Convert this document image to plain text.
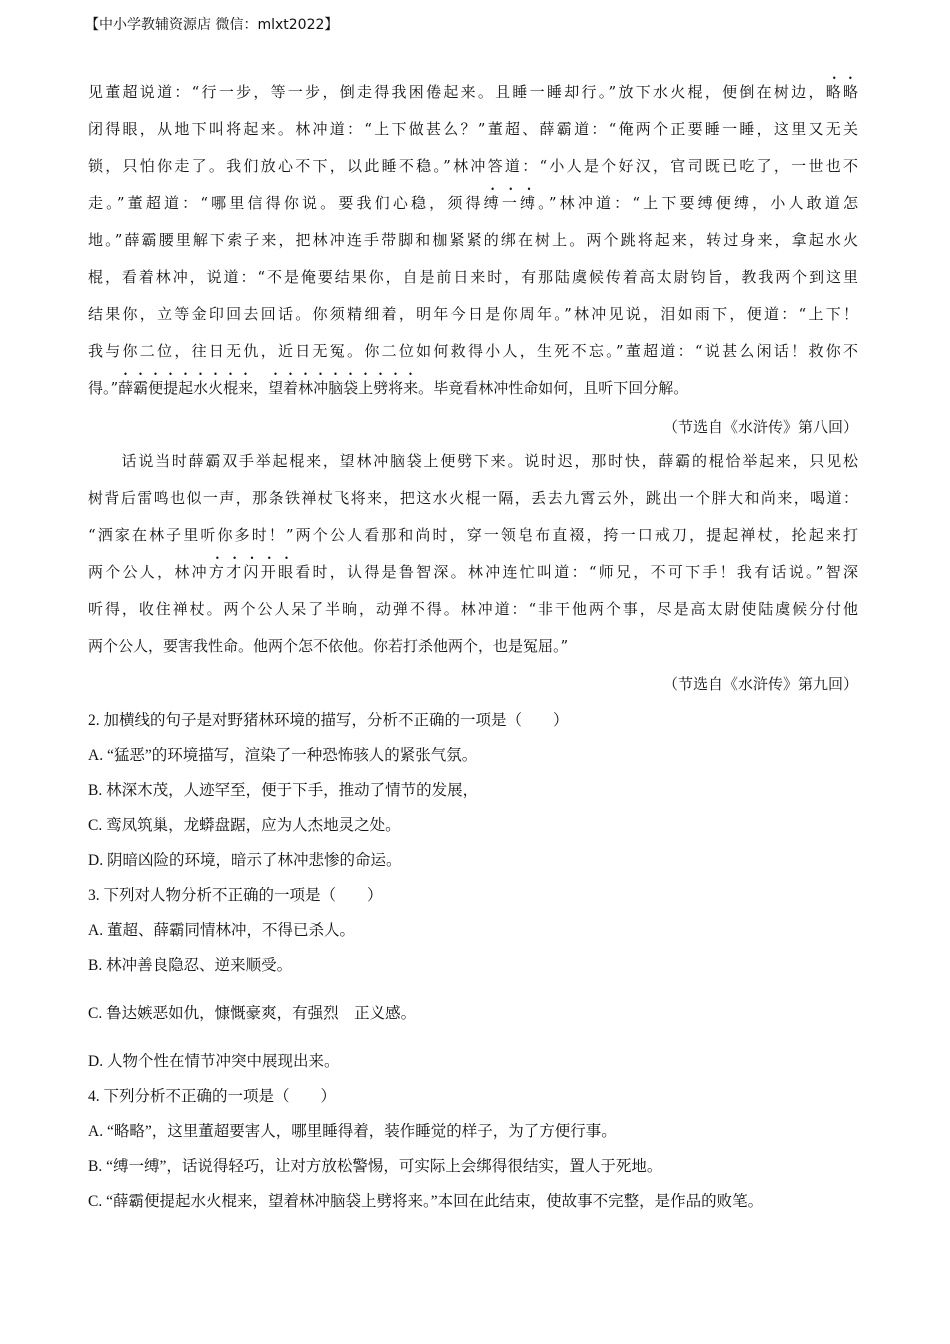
【中小学教辅资源店 微信：mlxt2022】
见董超说道：“行一步，等一步，倒走得我困倦起来。且睡一睡却行。”放下水火棍，便倒在树边，略略
闭得眼，从地下叫将起来。林冲道：“上下做甚么？”董超、薛霸道：“俺两个正要睡一睡，这里又无关
锁，只怕你走了。我们放心不下，以此睡不稳。”林冲答道：“小人是个好汉，官司既已吃了，一世也不
走。”董超道：“哪里信得你说。要我们心稳，须得缚一缚。”林冲道：“上下要缚便缚，小人敢道怎
地。”薛霸腰里解下索子来，把林冲连手带脚和枷紧紧的绑在树上。两个跳将起来，转过身来，拿起水火
棍，看着林冲，说道：“不是俺要结果你，自是前日来时，有那陆虞候传着高太尉钧旨，教我两个到这里
结果你，立等金印回去回话。你须精细着，明年今日是你周年。”林冲见说，泪如雨下，便道：“上下！
我与你二位，往日无仇，近日无冤。你二位如何救得小人，生死不忘。”董超道：“说甚么闲话！救你不
得。”薛霸便提起水火棍来，望着林冲脑袋上劈将来。毕竟看林冲性命如何，且听下回分解。
（节选自《水浒传》第八回）
　　话说当时薛霸双手举起棍来，望林冲脑袋上便劈下来。说时迟，那时快，薛霸的棍恰举起来，只见松
树背后雷鸣也似一声，那条铁禅杖飞将来，把这水火棍一隔，丢去九霄云外，跳出一个胖大和尚来，喝道：
“洒家在林子里听你多时！”两个公人看那和尚时，穿一领皂布直裰，挎一口戒刀，提起禅杖，抡起来打
两个公人，林冲方才闪开眼看时，认得是鲁智深。林冲连忙叫道：“师兄，不可下手！我有话说。”智深
听得，收住禅杖。两个公人呆了半晌，动弹不得。林冲道：“非干他两个事，尽是高太尉使陆虞候分付他
两个公人，要害我性命。他两个怎不依他。你若打杀他两个，也是冤屈。”
（节选自《水浒传》第九回）
2. 加横线的句子是对野猪林环境的描写，分析不正确的一项是（　　）
A. “猛恶”的环境描写，渲染了一种恐怖骇人的紧张气氛。
B. 林深木茂，人迹罕至，便于下手，推动了情节的发展，
C. 鸾凤筑巢，龙蟒盘踞，应为人杰地灵之处。
D. 阴暗凶险的环境，暗示了林冲悲惨的命运。
3. 下列对人物分析不正确的一项是（　　）
A. 董超、薛霸同情林冲，不得已杀人。
B. 林冲善良隐忍、逆来顺受。
C. 鲁达嫉恶如仇，慷慨豪爽，有强烈　正义感。
D. 人物个性在情节冲突中展现出来。
4. 下列分析不正确的一项是（　　）
A. “略略”，这里董超要害人，哪里睡得着，装作睡觉的样子，为了方便行事。
B. “缚一缚”，话说得轻巧，让对方放松警惕，可实际上会绑得很结实，置人于死地。
C. “薛霸便提起水火棍来，望着林冲脑袋上劈将来。”本回在此结束，使故事不完整，是作品的败笔。
